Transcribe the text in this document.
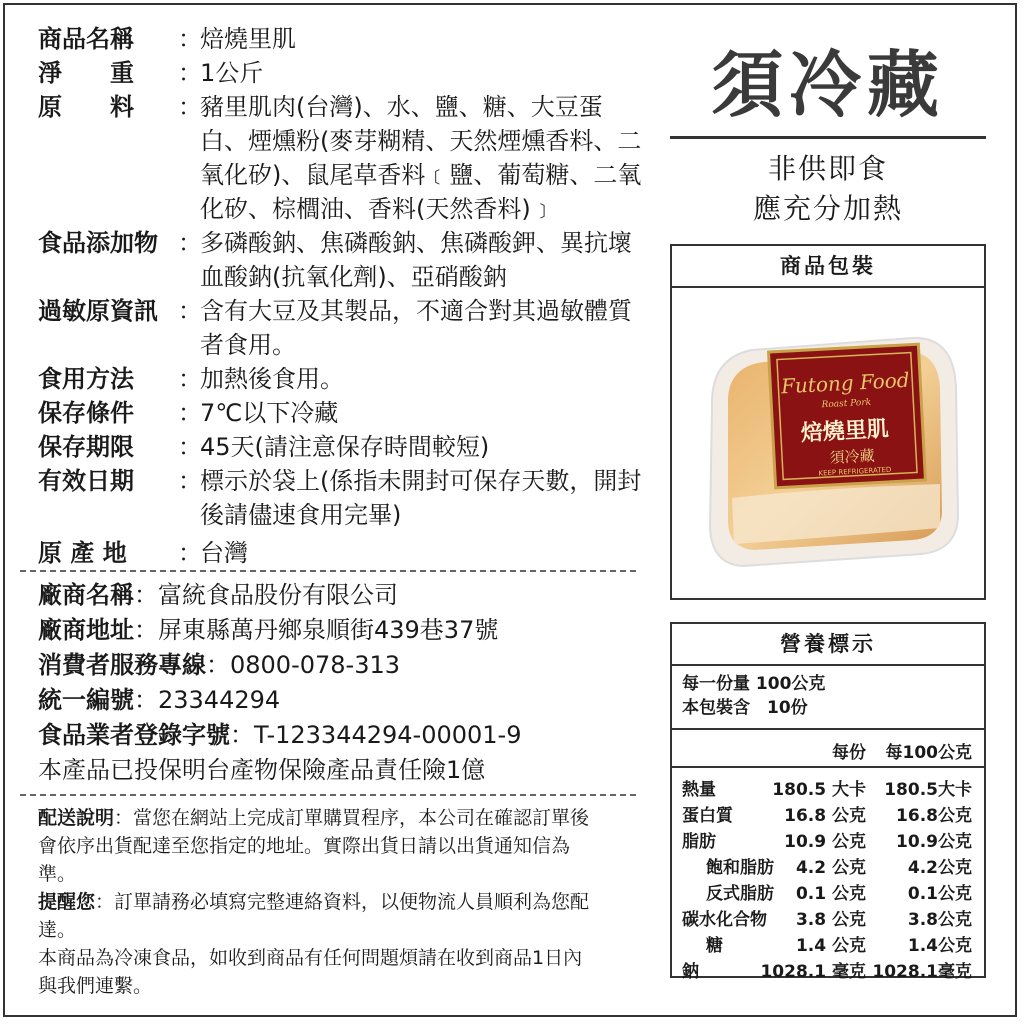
商品名稱	：
焙燒里肌
淨　　重	：
1公斤
原　　料	：
豬里肌肉(台灣)、水、鹽、糖、大豆蛋白、煙燻粉(麥芽糊精、天然煙燻香料、二氧化矽)、鼠尾草香料﹝鹽、葡萄糖、二氧化矽、棕櫚油、香料(天然香料)﹞
食品添加物 ：
多磷酸鈉、焦磷酸鈉、焦磷酸鉀、異抗壞血酸鈉(抗氧化劑)、亞硝酸鈉
過敏原資訊 ：
含有大豆及其製品，不適合對其過敏體質者食用。
食用方法	：
加熱後食用。
保存條件	：
7℃以下冷藏
保存期限	：
45天(請注意保存時間較短)
有效日期	：
標示於袋上(係指未開封可保存天數，開封後請儘速食用完畢)
原 產 地	：
台灣
廠商名稱：富統食品股份有限公司
廠商地址：屏東縣萬丹鄉泉順街439巷37號
消費者服務專線：0800-078-313
統一編號：23344294
食品業者登錄字號：T-123344294-00001-9
本產品已投保明台產物保險產品責任險1億
配送說明：當您在網站上完成訂單購買程序，本公司在確認訂單後會依序出貨配達至您指定的地址。實際出貨日請以出貨通知信為準。
提醒您：訂單請務必填寫完整連絡資料，以便物流人員順利為您配達。
本商品為冷凍食品，如收到商品有任何問題煩請在收到商品1日內與我們連繫。
須冷藏
非供即食
應充分加熱
商品包裝
Futong Food
Roast Pork
焙燒里肌
須冷藏
KEEP REFRIGERATED
營養標示
每一份量 100公克
本包裝含　10份
每份 每100公克
熱量	180.5 大卡 180.5大卡
蛋白質	16.8 公克 16.8公克
脂肪	10.9 公克 10.9公克
飽和脂肪 4.2 公克 4.2公克
反式脂肪 0.1 公克 0.1公克
碳水化合物 3.8 公克 3.8公克
糖	1.4 公克 1.4公克
鈉	1028.1 毫克 1028.1毫克
